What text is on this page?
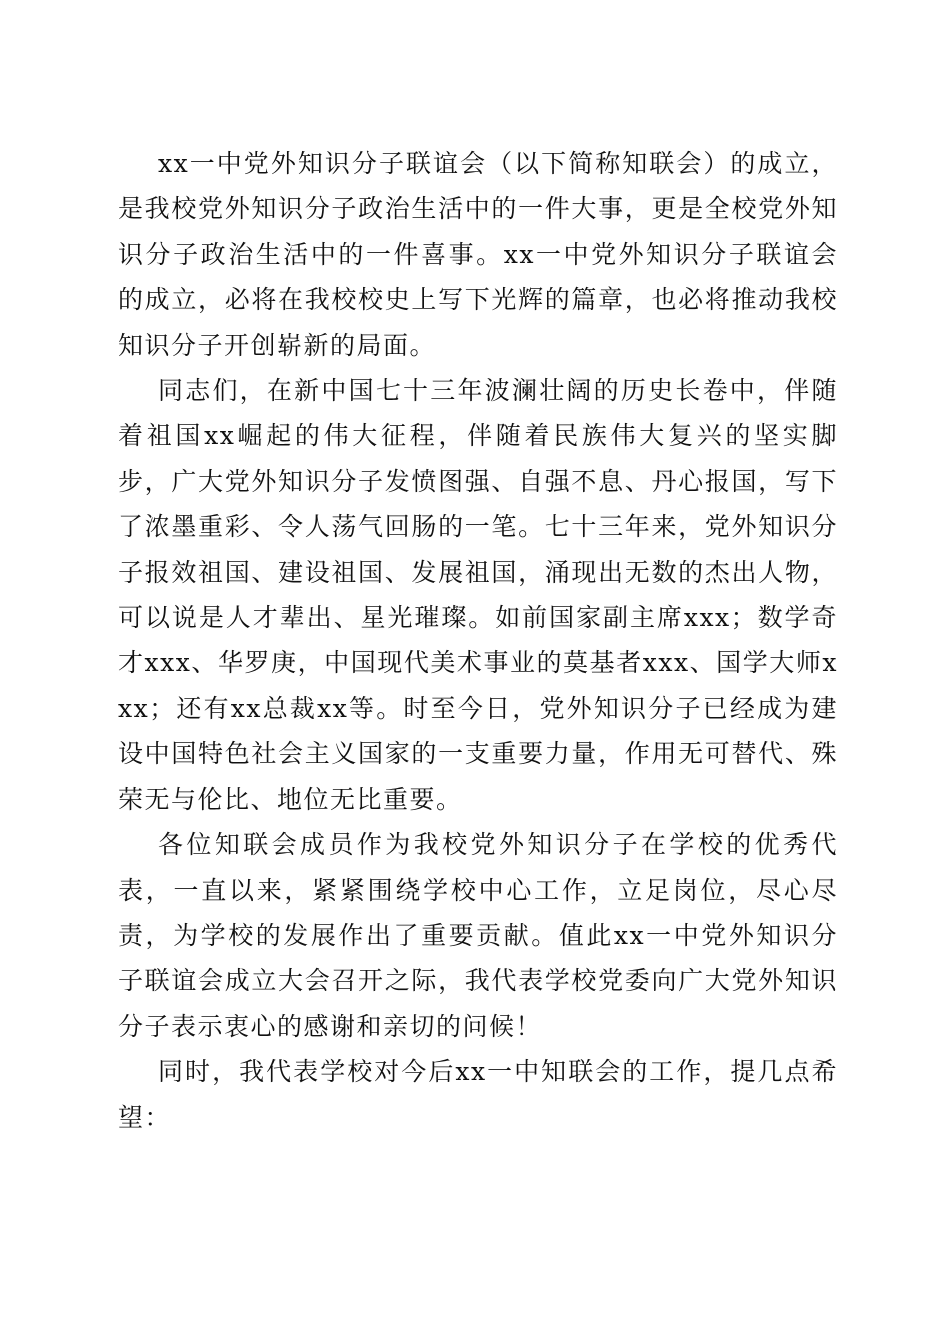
xx一中党外知识分子联谊会（以下简称知联会）的成立，是我校党外知识分子政治生活中的一件大事，更是全校党外知识分子政治生活中的一件喜事。xx一中党外知识分子联谊会的成立，必将在我校校史上写下光辉的篇章，也必将推动我校知识分子开创崭新的局面。

同志们，在新中国七十三年波澜壮阔的历史长卷中，伴随着祖国xx崛起的伟大征程，伴随着民族伟大复兴的坚实脚步，广大党外知识分子发愤图强、自强不息、丹心报国，写下了浓墨重彩、令人荡气回肠的一笔。七十三年来，党外知识分子报效祖国、建设祖国、发展祖国，涌现出无数的杰出人物，可以说是人才辈出、星光璀璨。如前国家副主席xxx；数学奇才xxx、华罗庚，中国现代美术事业的莫基者xxx、国学大师xxx；还有xx总裁xx等。时至今日，党外知识分子已经成为建设中国特色社会主义国家的一支重要力量，作用无可替代、殊荣无与伦比、地位无比重要。

各位知联会成员作为我校党外知识分子在学校的优秀代表，一直以来，紧紧围绕学校中心工作，立足岗位，尽心尽责，为学校的发展作出了重要贡献。值此xx一中党外知识分子联谊会成立大会召开之际，我代表学校党委向广大党外知识分子表示衷心的感谢和亲切的问候！

同时，我代表学校对今后xx一中知联会的工作，提几点希望：
